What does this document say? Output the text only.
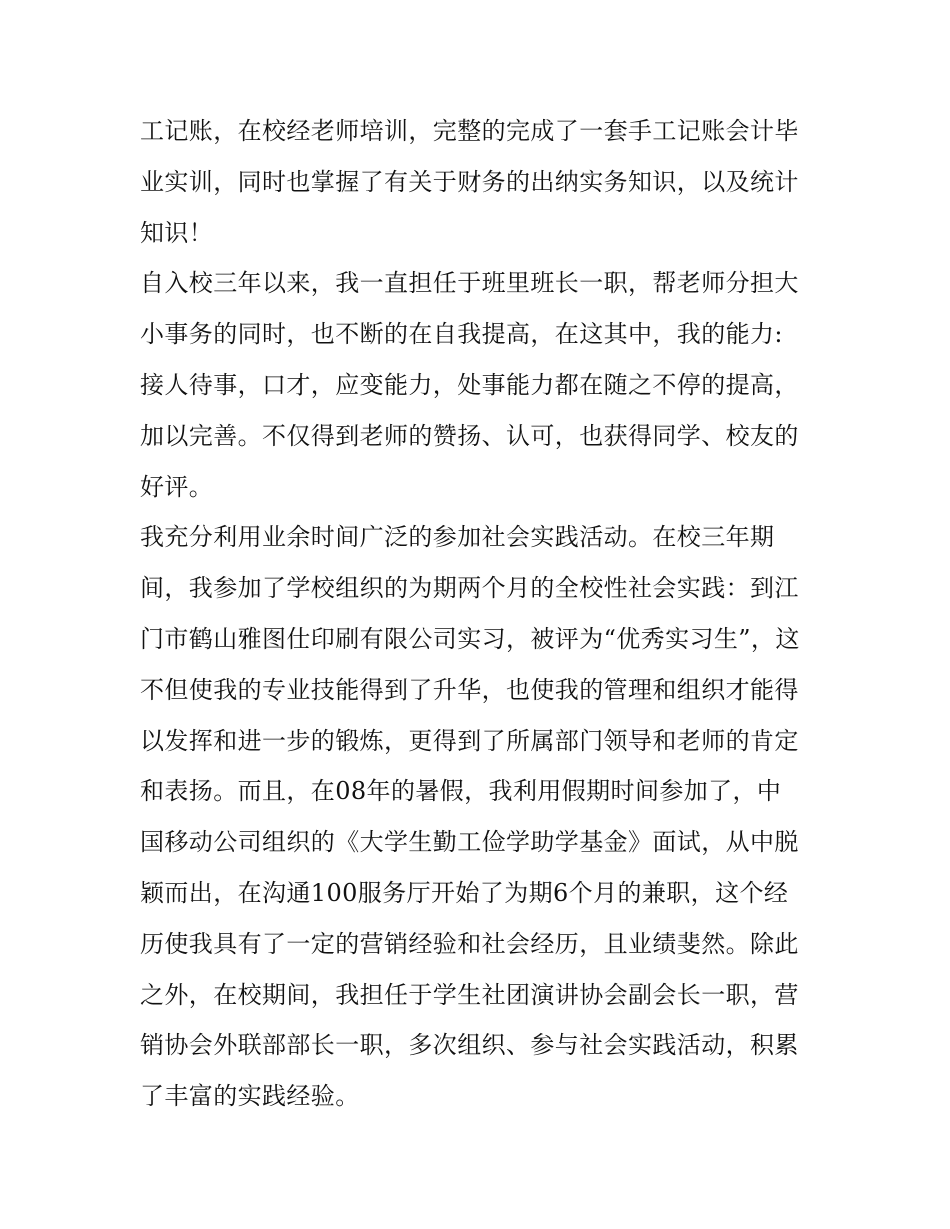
工记账，在校经老师培训，完整的完成了一套手工记账会计毕
业实训，同时也掌握了有关于财务的出纳实务知识，以及统计
知识！
自入校三年以来，我一直担任于班里班长一职，帮老师分担大
小事务的同时，也不断的在自我提高，在这其中，我的能力:
接人待事，口才，应变能力，处事能力都在随之不停的提高，
加以完善。不仅得到老师的赞扬、认可，也获得同学、校友的
好评。
我充分利用业余时间广泛的参加社会实践活动。在校三年期
间，我参加了学校组织的为期两个月的全校性社会实践：到江
门市鹤山雅图仕印刷有限公司实习，被评为“优秀实习生”，这
不但使我的专业技能得到了升华，也使我的管理和组织才能得
以发挥和进一步的锻炼，更得到了所属部门领导和老师的肯定
和表扬。而且，在08年的暑假，我利用假期时间参加了，中
国移动公司组织的《大学生勤工俭学助学基金》面试，从中脱
颖而出，在沟通100服务厅开始了为期6个月的兼职，这个经
历使我具有了一定的营销经验和社会经历，且业绩斐然。除此
之外，在校期间，我担任于学生社团演讲协会副会长一职，营
销协会外联部部长一职，多次组织、参与社会实践活动，积累
了丰富的实践经验。
